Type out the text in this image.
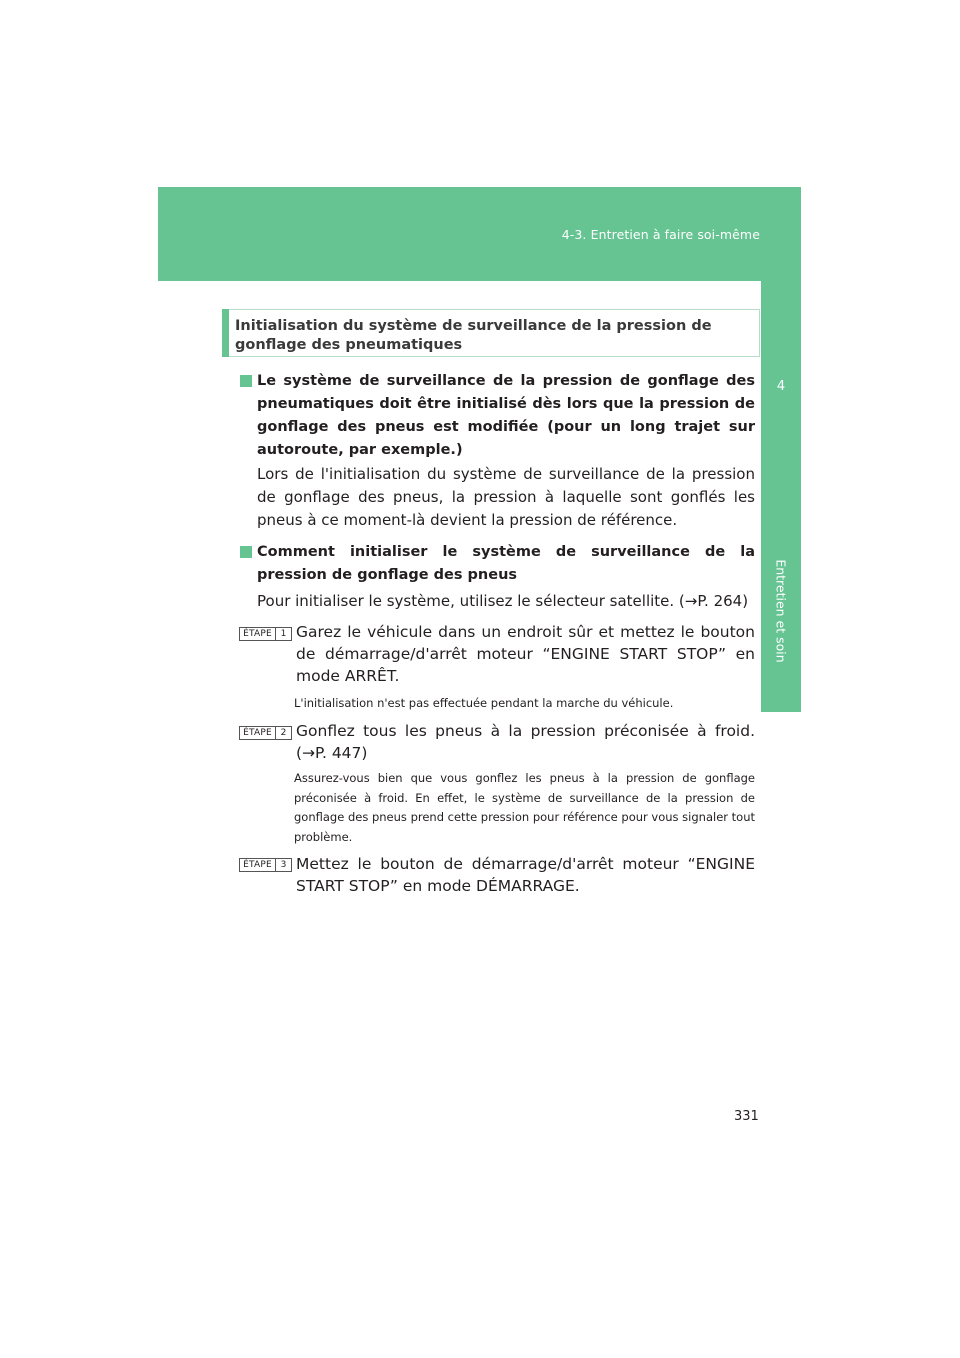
4-3. Entretien à faire soi-même
4
Entretien et soin
Initialisation du système de surveillance de la pression de gonflage des pneumatiques
Le système de surveillance de la pression de gonflage des pneumatiques doit être initialisé dès lors que la pression de gonflage des pneus est modifiée (pour un long trajet sur autoroute, par exemple.)
Lors de l'initialisation du système de surveillance de la pression de gonflage des pneus, la pression à laquelle sont gonflés les pneus à ce moment-là devient la pression de référence.
Comment initialiser le système de surveillance de la pression de gonflage des pneus
Pour initialiser le système, utilisez le sélecteur satellite. (→P. 264)
ÉTAPE 1 Garez le véhicule dans un endroit sûr et mettez le bouton de démarrage/d'arrêt moteur “ENGINE START STOP” en mode ARRÊT.
L'initialisation n'est pas effectuée pendant la marche du véhicule.
ÉTAPE 2 Gonflez tous les pneus à la pression préconisée à froid. (→P. 447)
Assurez-vous bien que vous gonflez les pneus à la pression de gonflage préconisée à froid. En effet, le système de surveillance de la pression de gonflage des pneus prend cette pression pour référence pour vous signaler tout problème.
ÉTAPE 3 Mettez le bouton de démarrage/d'arrêt moteur “ENGINE START STOP” en mode DÉMARRAGE.
331
